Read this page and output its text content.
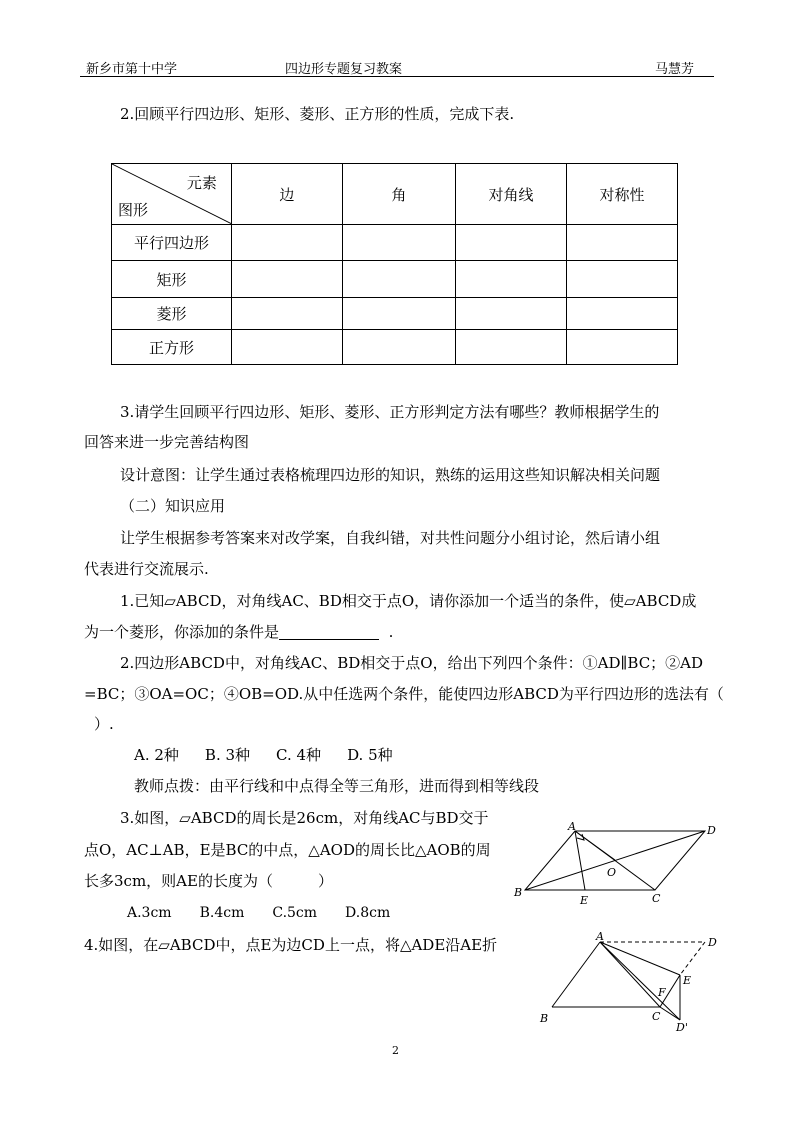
新乡市第十中学	四边形专题复习教案	马慧芳
2.回顾平行四边形、矩形、菱形、正方形的性质，完成下表.
元素
图形	边	角	对角线	对称性
平行四边形				
矩形				
菱形				
正方形				
3.请学生回顾平行四边形、矩形、菱形、正方形判定方法有哪些？教师根据学生的
回答来进一步完善结构图
设计意图：让学生通过表格梳理四边形的知识，熟练的运用这些知识解决相关问题
（二）知识应用
让学生根据参考答案来对改学案，自我纠错，对共性问题分小组讨论，然后请小组
代表进行交流展示.
1.已知▱ABCD，对角线AC、BD相交于点O，请你添加一个适当的条件，使▱ABCD成
为一个菱形，你添加的条件是	.
2.四边形ABCD中，对角线AC、BD相交于点O，给出下列四个条件：①AD∥BC；②AD
=BC；③OA=OC；④OB=OD.从中任选两个条件，能使四边形ABCD为平行四边形的选法有（
）.
A. 2种 B. 3种 C. 4种 D. 5种
教师点拨：由平行线和中点得全等三角形，进而得到相等线段
3.如图，▱ABCD的周长是26cm，对角线AC与BD交于
点O，AC⊥AB，E是BC的中点，△AOD的周长比△AOB的周
长多3cm，则AE的长度为（　　　）
A.3cm B.4cm C.5cm D.8cm
A
B	C
D
E
O
4.如图，在▱ABCD中，点E为边CD上一点，将△ADE沿AE折	A
B	C
D
E
F
D'
2
